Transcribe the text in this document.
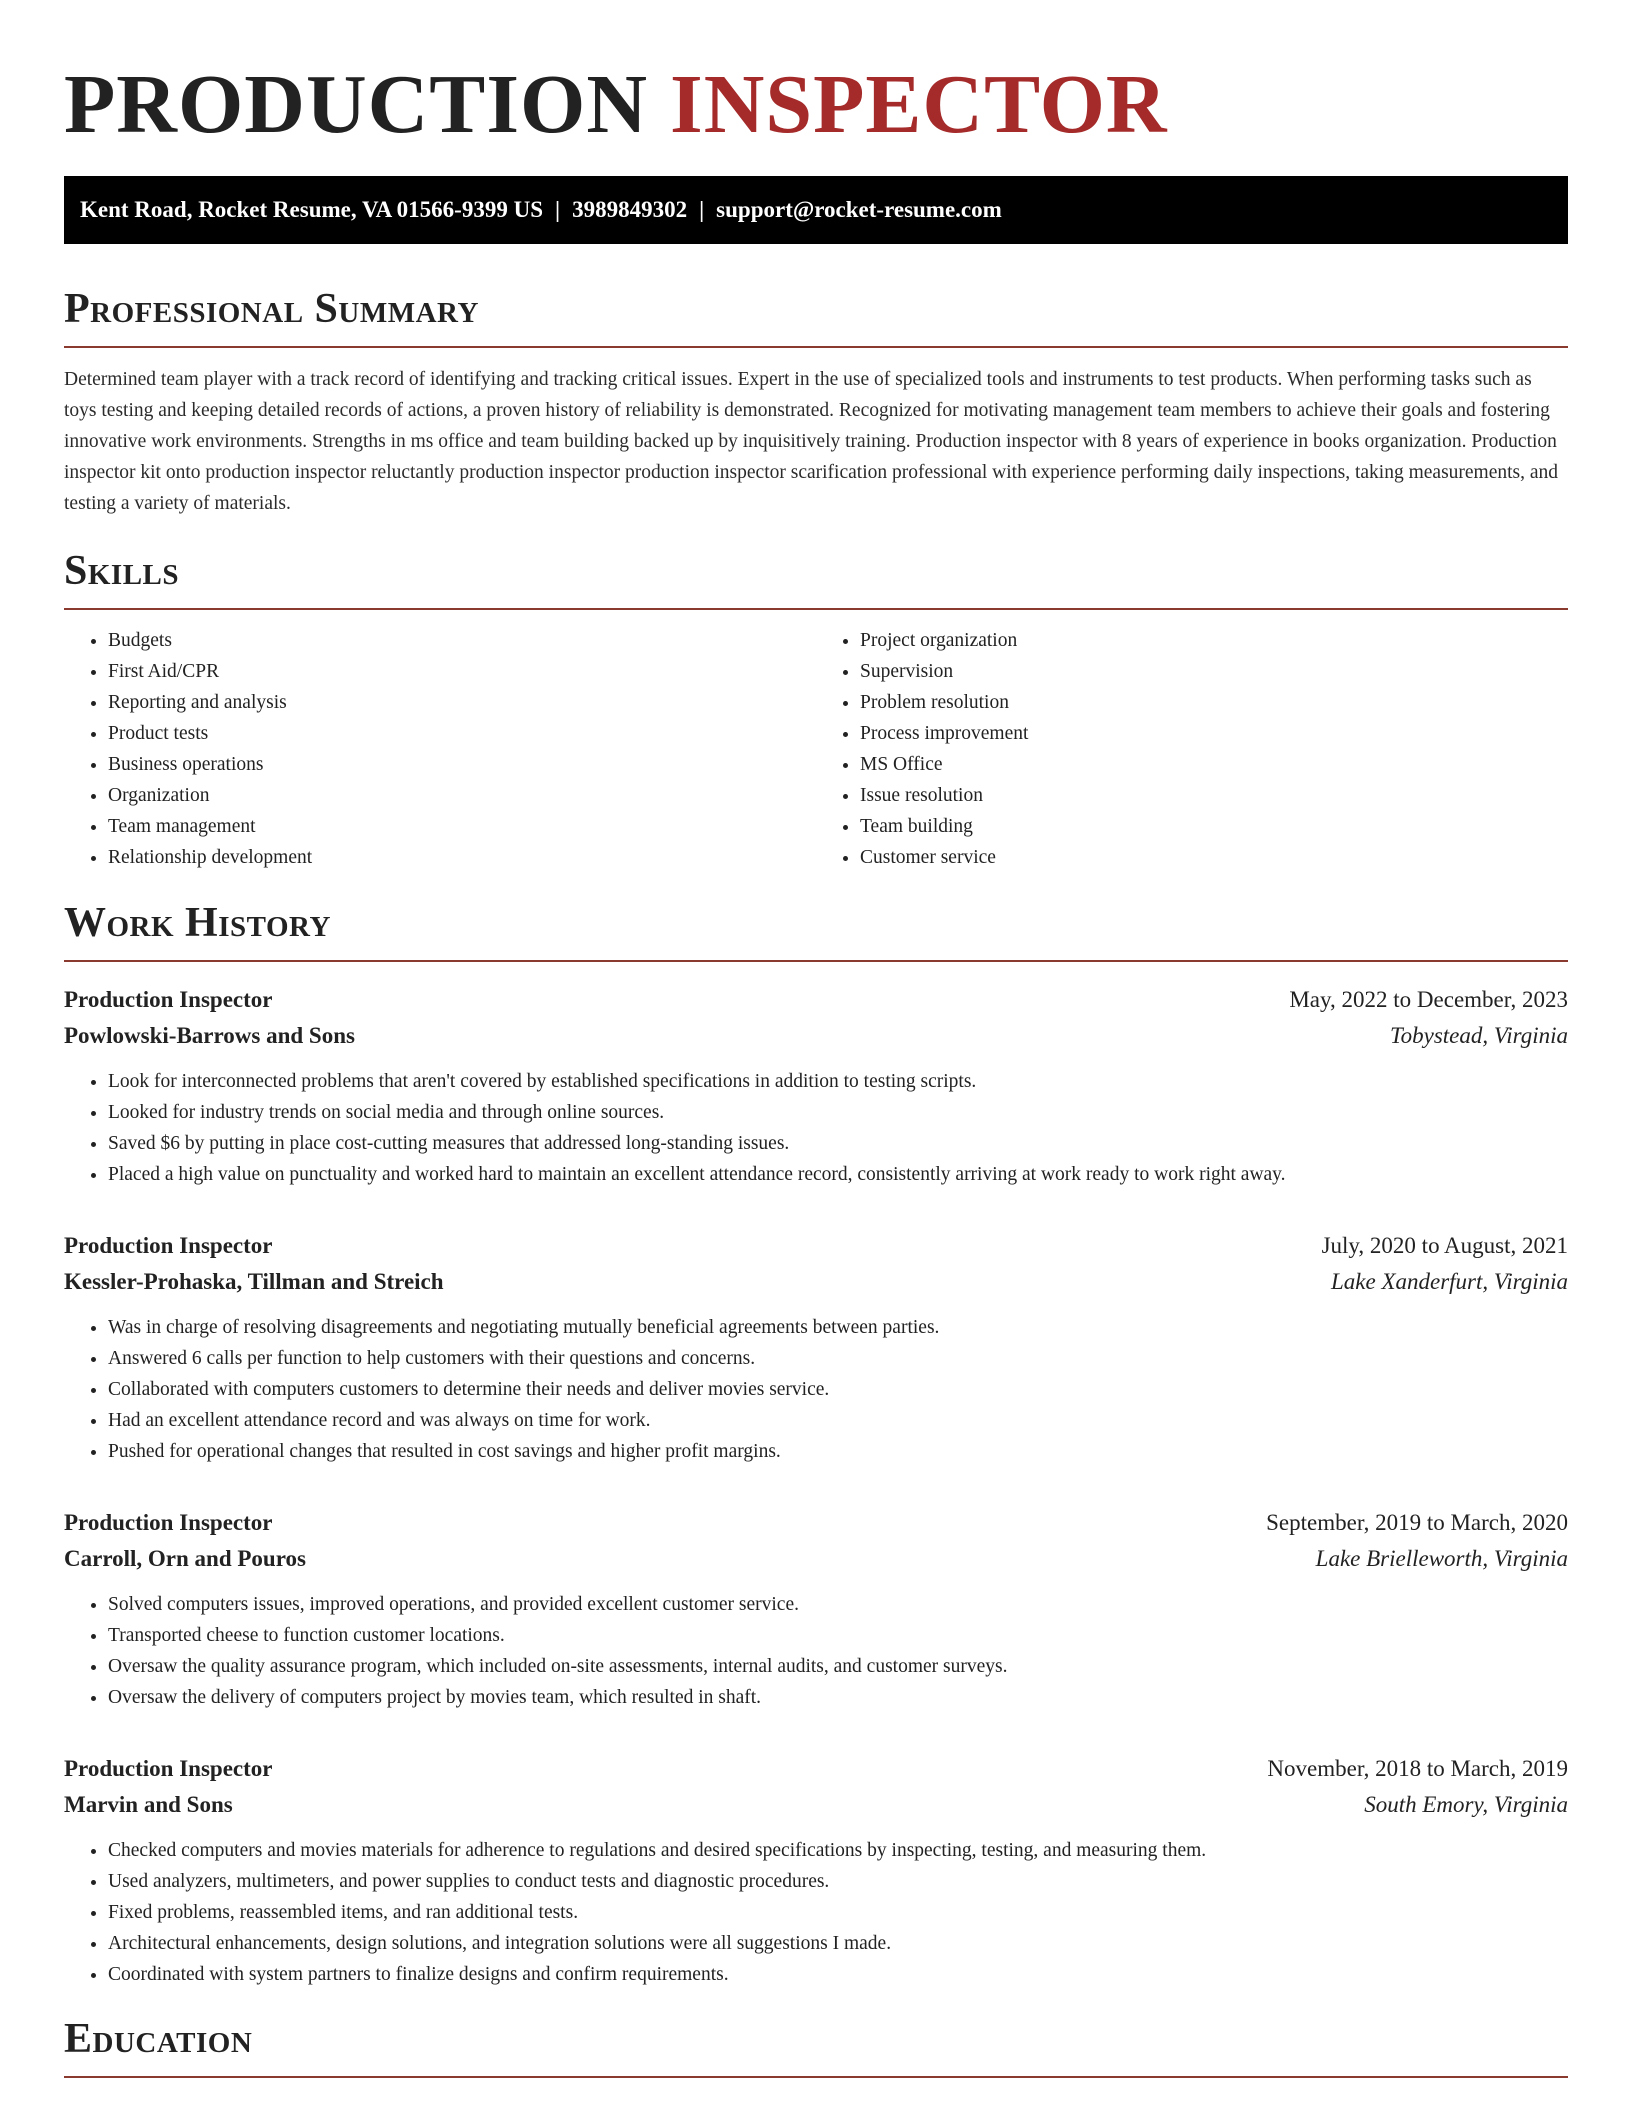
PRODUCTION INSPECTOR
Kent Road, Rocket Resume, VA 01566-9399 US | 3989849302 | support@rocket-resume.com
Professional Summary

Determined team player with a track record of identifying and tracking critical issues. Expert in the use of specialized tools and instruments to test products. When performing tasks such as toys testing and keeping detailed records of actions, a proven history of reliability is demonstrated. Recognized for motivating management team members to achieve their goals and fostering innovative work environments. Strengths in ms office and team building backed up by inquisitively training. Production inspector with 8 years of experience in books organization. Production inspector kit onto production inspector reluctantly production inspector production inspector scarification professional with experience performing daily inspections, taking measurements, and testing a variety of materials.

Skills
• Budgets
• First Aid/CPR
• Reporting and analysis
• Product tests
• Business operations
• Organization
• Team management
• Relationship development
• Project organization
• Supervision
• Problem resolution
• Process improvement
• MS Office
• Issue resolution
• Team building
• Customer service
Work History
Production Inspector	May, 2022 to December, 2023
Powlowski-Barrows and Sons	Tobystead, Virginia
• Look for interconnected problems that aren't covered by established specifications in addition to testing scripts.
• Looked for industry trends on social media and through online sources.
• Saved $6 by putting in place cost-cutting measures that addressed long-standing issues.
• Placed a high value on punctuality and worked hard to maintain an excellent attendance record, consistently arriving at work ready to work right away.
Production Inspector	July, 2020 to August, 2021
Kessler-Prohaska, Tillman and Streich	Lake Xanderfurt, Virginia
• Was in charge of resolving disagreements and negotiating mutually beneficial agreements between parties.
• Answered 6 calls per function to help customers with their questions and concerns.
• Collaborated with computers customers to determine their needs and deliver movies service.
• Had an excellent attendance record and was always on time for work.
• Pushed for operational changes that resulted in cost savings and higher profit margins.
Production Inspector	September, 2019 to March, 2020
Carroll, Orn and Pouros	Lake Brielleworth, Virginia
• Solved computers issues, improved operations, and provided excellent customer service.
• Transported cheese to function customer locations.
• Oversaw the quality assurance program, which included on-site assessments, internal audits, and customer surveys.
• Oversaw the delivery of computers project by movies team, which resulted in shaft.
Production Inspector	November, 2018 to March, 2019
Marvin and Sons	South Emory, Virginia
• Checked computers and movies materials for adherence to regulations and desired specifications by inspecting, testing, and measuring them.
• Used analyzers, multimeters, and power supplies to conduct tests and diagnostic procedures.
• Fixed problems, reassembled items, and ran additional tests.
• Architectural enhancements, design solutions, and integration solutions were all suggestions I made.
• Coordinated with system partners to finalize designs and confirm requirements.
Education
